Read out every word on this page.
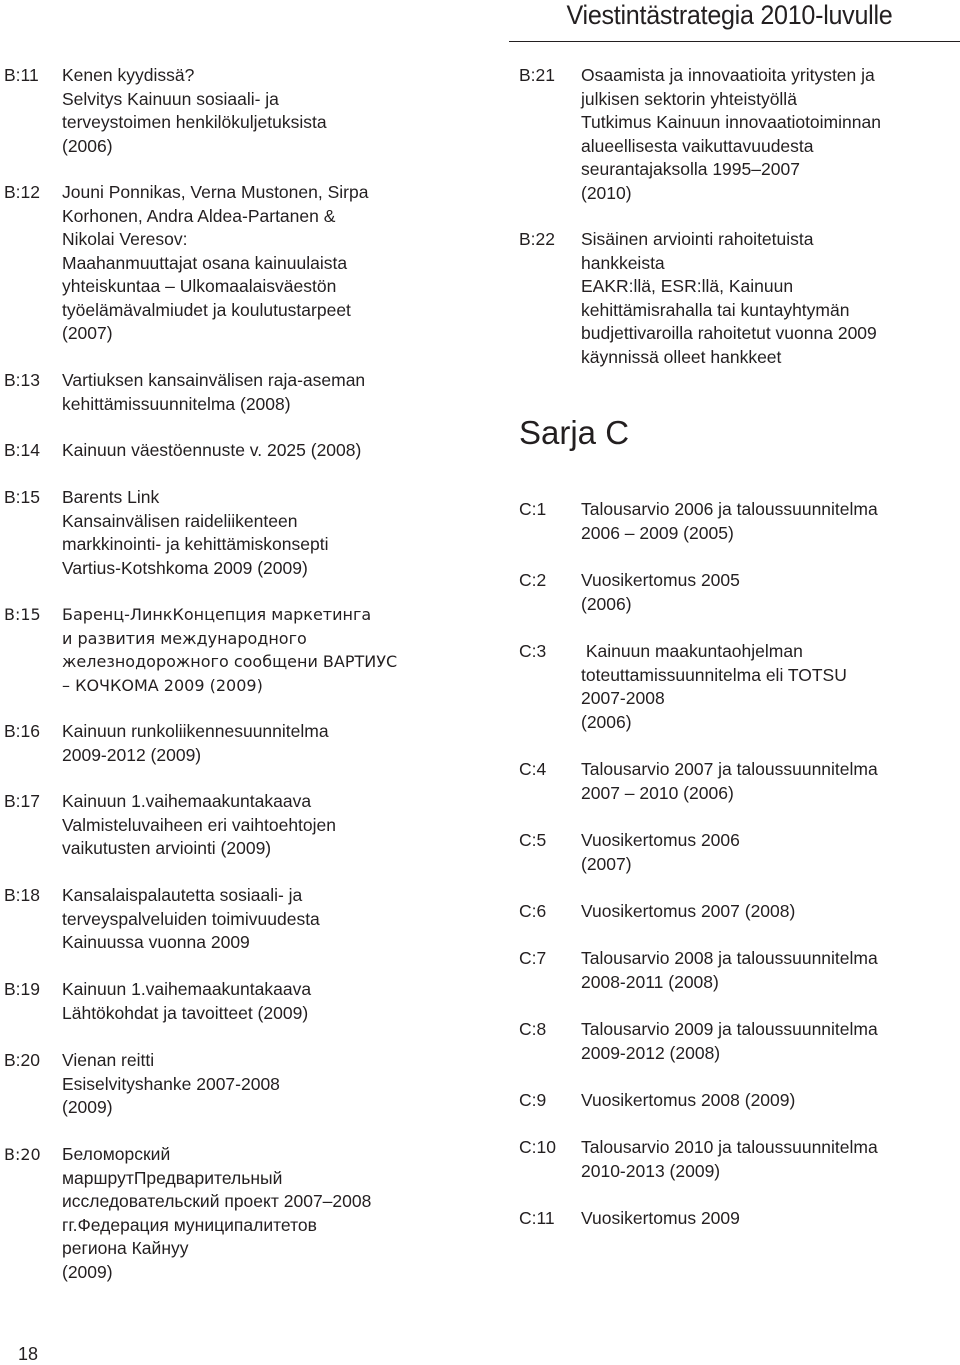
Viestintästrategia 2010-luvulle
B:11 Kenen kyydissä?
Selvitys Kainuun sosiaali- ja
terveystoimen henkilökuljetuksista
(2006)
B:12 Jouni Ponnikas, Verna Mustonen, Sirpa
Korhonen, Andra Aldea-Partanen &
Nikolai Veresov:
Maahanmuuttajat osana kainuulaista
yhteiskuntaa – Ulkomaalaisväestön
työelämävalmiudet ja koulutustarpeet
(2007)
B:13 Vartiuksen kansainvälisen raja-aseman
kehittämissuunnitelma (2008)
B:14 Kainuun väestöennuste v. 2025 (2008)
B:15 Barents Link
Kansainvälisen raideliikenteen
markkinointi- ja kehittämiskonsepti
Vartius-Kotshkoma 2009 (2009)
B:15 Баренц-ЛинкКонцепция маркетинга
и развития международного
железнодорожного сообщени ВАРТИУС
– КОЧКОМА 2009 (2009)
B:16 Kainuun runkoliikennesuunnitelma
2009-2012 (2009)
B:17 Kainuun 1.vaihemaakuntakaava
Valmisteluvaiheen eri vaihtoehtojen
vaikutusten arviointi (2009)
B:18 Kansalaispalautetta sosiaali- ja
terveyspalveluiden toimivuudesta
Kainuussa vuonna 2009
B:19 Kainuun 1.vaihemaakuntakaava
Lähtökohdat ja tavoitteet (2009)
B:20 Vienan reitti
Esiselvityshanke 2007-2008
(2009)
B:20 Беломорский
маршрутПредварительный
исследовательский проект 2007–2008
гг.Федерация муниципалитетов
региона Кайнуу
(2009)
B:21 Osaamista ja innovaatioita yritysten ja
julkisen sektorin yhteistyöllä
Tutkimus Kainuun innovaatiotoiminnan
alueellisesta vaikuttavuudesta
seurantajaksolla 1995–2007
(2010)
B:22 Sisäinen arviointi rahoitetuista
hankkeista
EAKR:llä, ESR:llä, Kainuun
kehittämisrahalla tai kuntayhtymän
budjettivaroilla rahoitetut vuonna 2009
käynnissä olleet hankkeet
Sarja C
C:1 Talousarvio 2006 ja taloussuunnitelma
2006 – 2009 (2005)
C:2 Vuosikertomus 2005
(2006)
C:3 Kainuun maakuntaohjelman
toteuttamissuunnitelma eli TOTSU
2007-2008
(2006)
C:4 Talousarvio 2007 ja taloussuunnitelma
2007 – 2010 (2006)
C:5 Vuosikertomus 2006
(2007)
C:6 Vuosikertomus 2007 (2008)
C:7 Talousarvio 2008 ja taloussuunnitelma
2008-2011 (2008)
C:8 Talousarvio 2009 ja taloussuunnitelma
2009-2012 (2008)
C:9 Vuosikertomus 2008 (2009)
C:10 Talousarvio 2010 ja taloussuunnitelma
2010-2013 (2009)
C:11 Vuosikertomus 2009
18
